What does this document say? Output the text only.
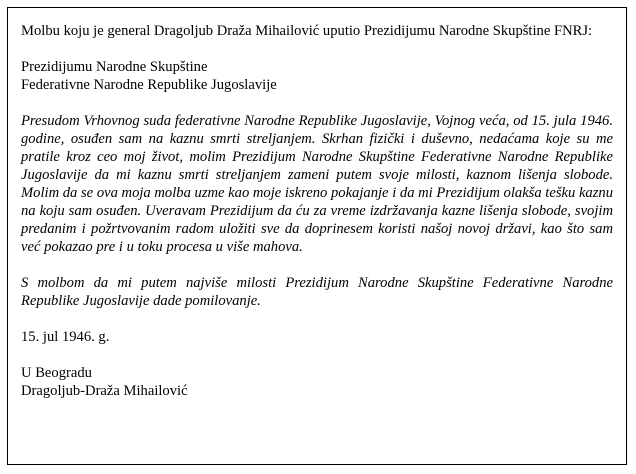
Molbu koju je general Dragoljub Draža Mihailović uputio Prezidijumu Narodne Skupštine FNRJ:

Prezidijumu Narodne Skupštine
Federativne Narodne Republike Jugoslavije

Presudom Vrhovnog suda federativne Narodne Republike Jugoslavije, Vojnog veća, od 15. jula 1946. godine, osuđen sam na kaznu smrti streljanjem. Skrhan fizički i duševno, nedaćama koje su me pratile kroz ceo moj život, molim Prezidijum Narodne Skupštine Federativne Narodne Republike Jugoslavije da mi kaznu smrti streljanjem zameni putem svoje milosti, kaznom lišenja slobode. Molim da se ova moja molba uzme kao moje iskreno pokajanje i da mi Prezidijum olakša tešku kaznu na koju sam osuđen. Uveravam Prezidijum da ću za vreme izdržavanja kazne lišenja slobode, svojim predanim i požrtvovanim radom uložiti sve da doprinesem koristi našoj novoj državi, kao što sam već pokazao pre i u toku procesa u više mahova.

S molbom da mi putem najviše milosti Prezidijum Narodne Skupštine Federativne Narodne Republike Jugoslavije dade pomilovanje.

15. jul 1946. g.

U Beogradu
Dragoljub-Draža Mihailović
